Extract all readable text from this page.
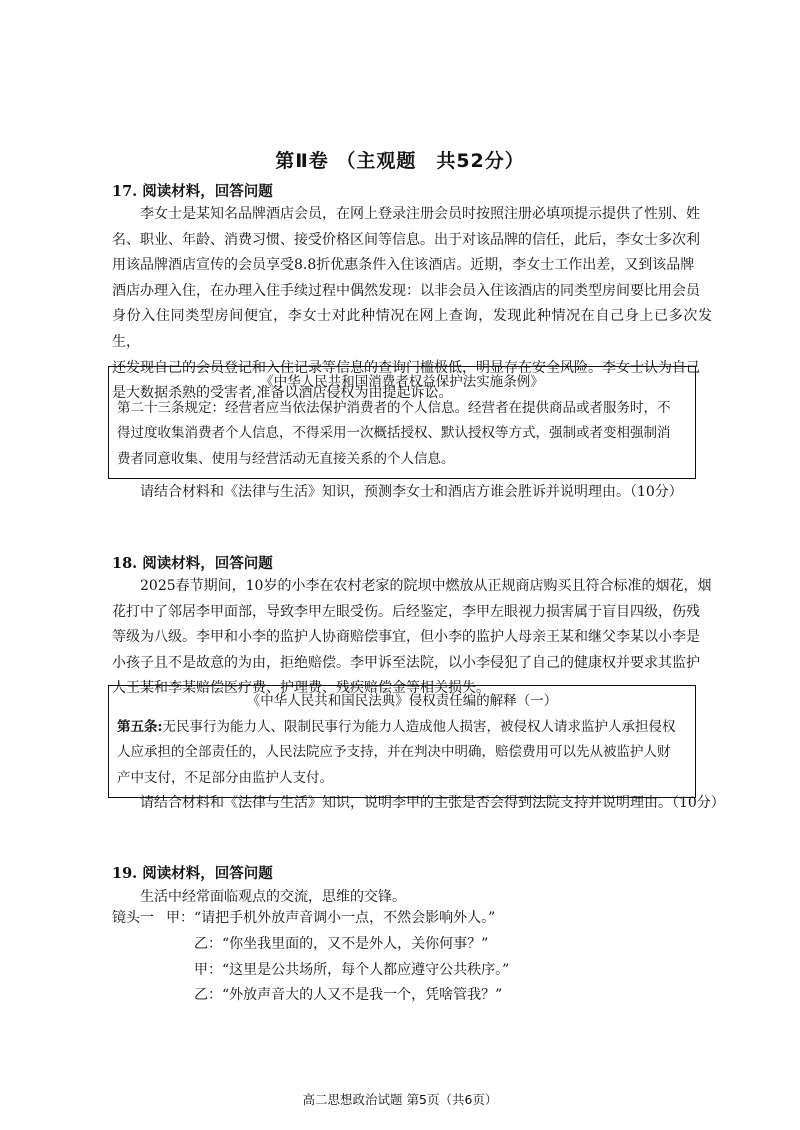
第Ⅱ卷 （主观题　共52分）
17. 阅读材料，回答问题
李女士是某知名品牌酒店会员，在网上登录注册会员时按照注册必填项提示提供了性别、姓
名、职业、年龄、消费习惯、接受价格区间等信息。出于对该品牌的信任，此后，李女士多次利
用该品牌酒店宣传的会员享受8.8折优惠条件入住该酒店。近期，李女士工作出差，又到该品牌
酒店办理入住，在办理入住手续过程中偶然发现：以非会员入住该酒店的同类型房间要比用会员
身份入住同类型房间便宜，李女士对此种情况在网上查询，发现此种情况在自己身上已多次发生，
还发现自己的会员登记和入住记录等信息的查询门槛极低，明显存在安全风险。李女士认为自己
是大数据杀熟的受害者,准备以酒店侵权为由提起诉讼。
《中华人民共和国消费者权益保护法实施条例》
第二十三条规定：经营者应当依法保护消费者的个人信息。经营者在提供商品或者服务时，不
得过度收集消费者个人信息，不得采用一次概括授权、默认授权等方式，强制或者变相强制消
费者同意收集、使用与经营活动无直接关系的个人信息。
请结合材料和《法律与生活》知识，预测李女士和酒店方谁会胜诉并说明理由。（10分）
18. 阅读材料，回答问题
2025春节期间，10岁的小李在农村老家的院坝中燃放从正规商店购买且符合标准的烟花，烟
花打中了邻居李甲面部，导致李甲左眼受伤。后经鉴定，李甲左眼视力损害属于盲目四级，伤残
等级为八级。李甲和小李的监护人协商赔偿事宜，但小李的监护人母亲王某和继父李某以小李是
小孩子且不是故意的为由，拒绝赔偿。李甲诉至法院，以小李侵犯了自己的健康权并要求其监护
人王某和李某赔偿医疗费、护理费、残疾赔偿金等相关损失。
《中华人民共和国民法典》侵权责任编的解释（一）
第五条:无民事行为能力人、限制民事行为能力人造成他人损害，被侵权人请求监护人承担侵权
人应承担的全部责任的，人民法院应予支持，并在判决中明确，赔偿费用可以先从被监护人财
产中支付，不足部分由监护人支付。
请结合材料和《法律与生活》知识，说明李甲的主张是否会得到法院支持并说明理由。（10分）
19. 阅读材料，回答问题
生活中经常面临观点的交流，思维的交锋。
镜头一 甲：“请把手机外放声音调小一点，不然会影响外人。”
乙：“你坐我里面的，又不是外人，关你何事？”
甲：“这里是公共场所，每个人都应遵守公共秩序。”
乙：“外放声音大的人又不是我一个，凭啥管我？”
高二思想政治试题 第5页（共6页）
